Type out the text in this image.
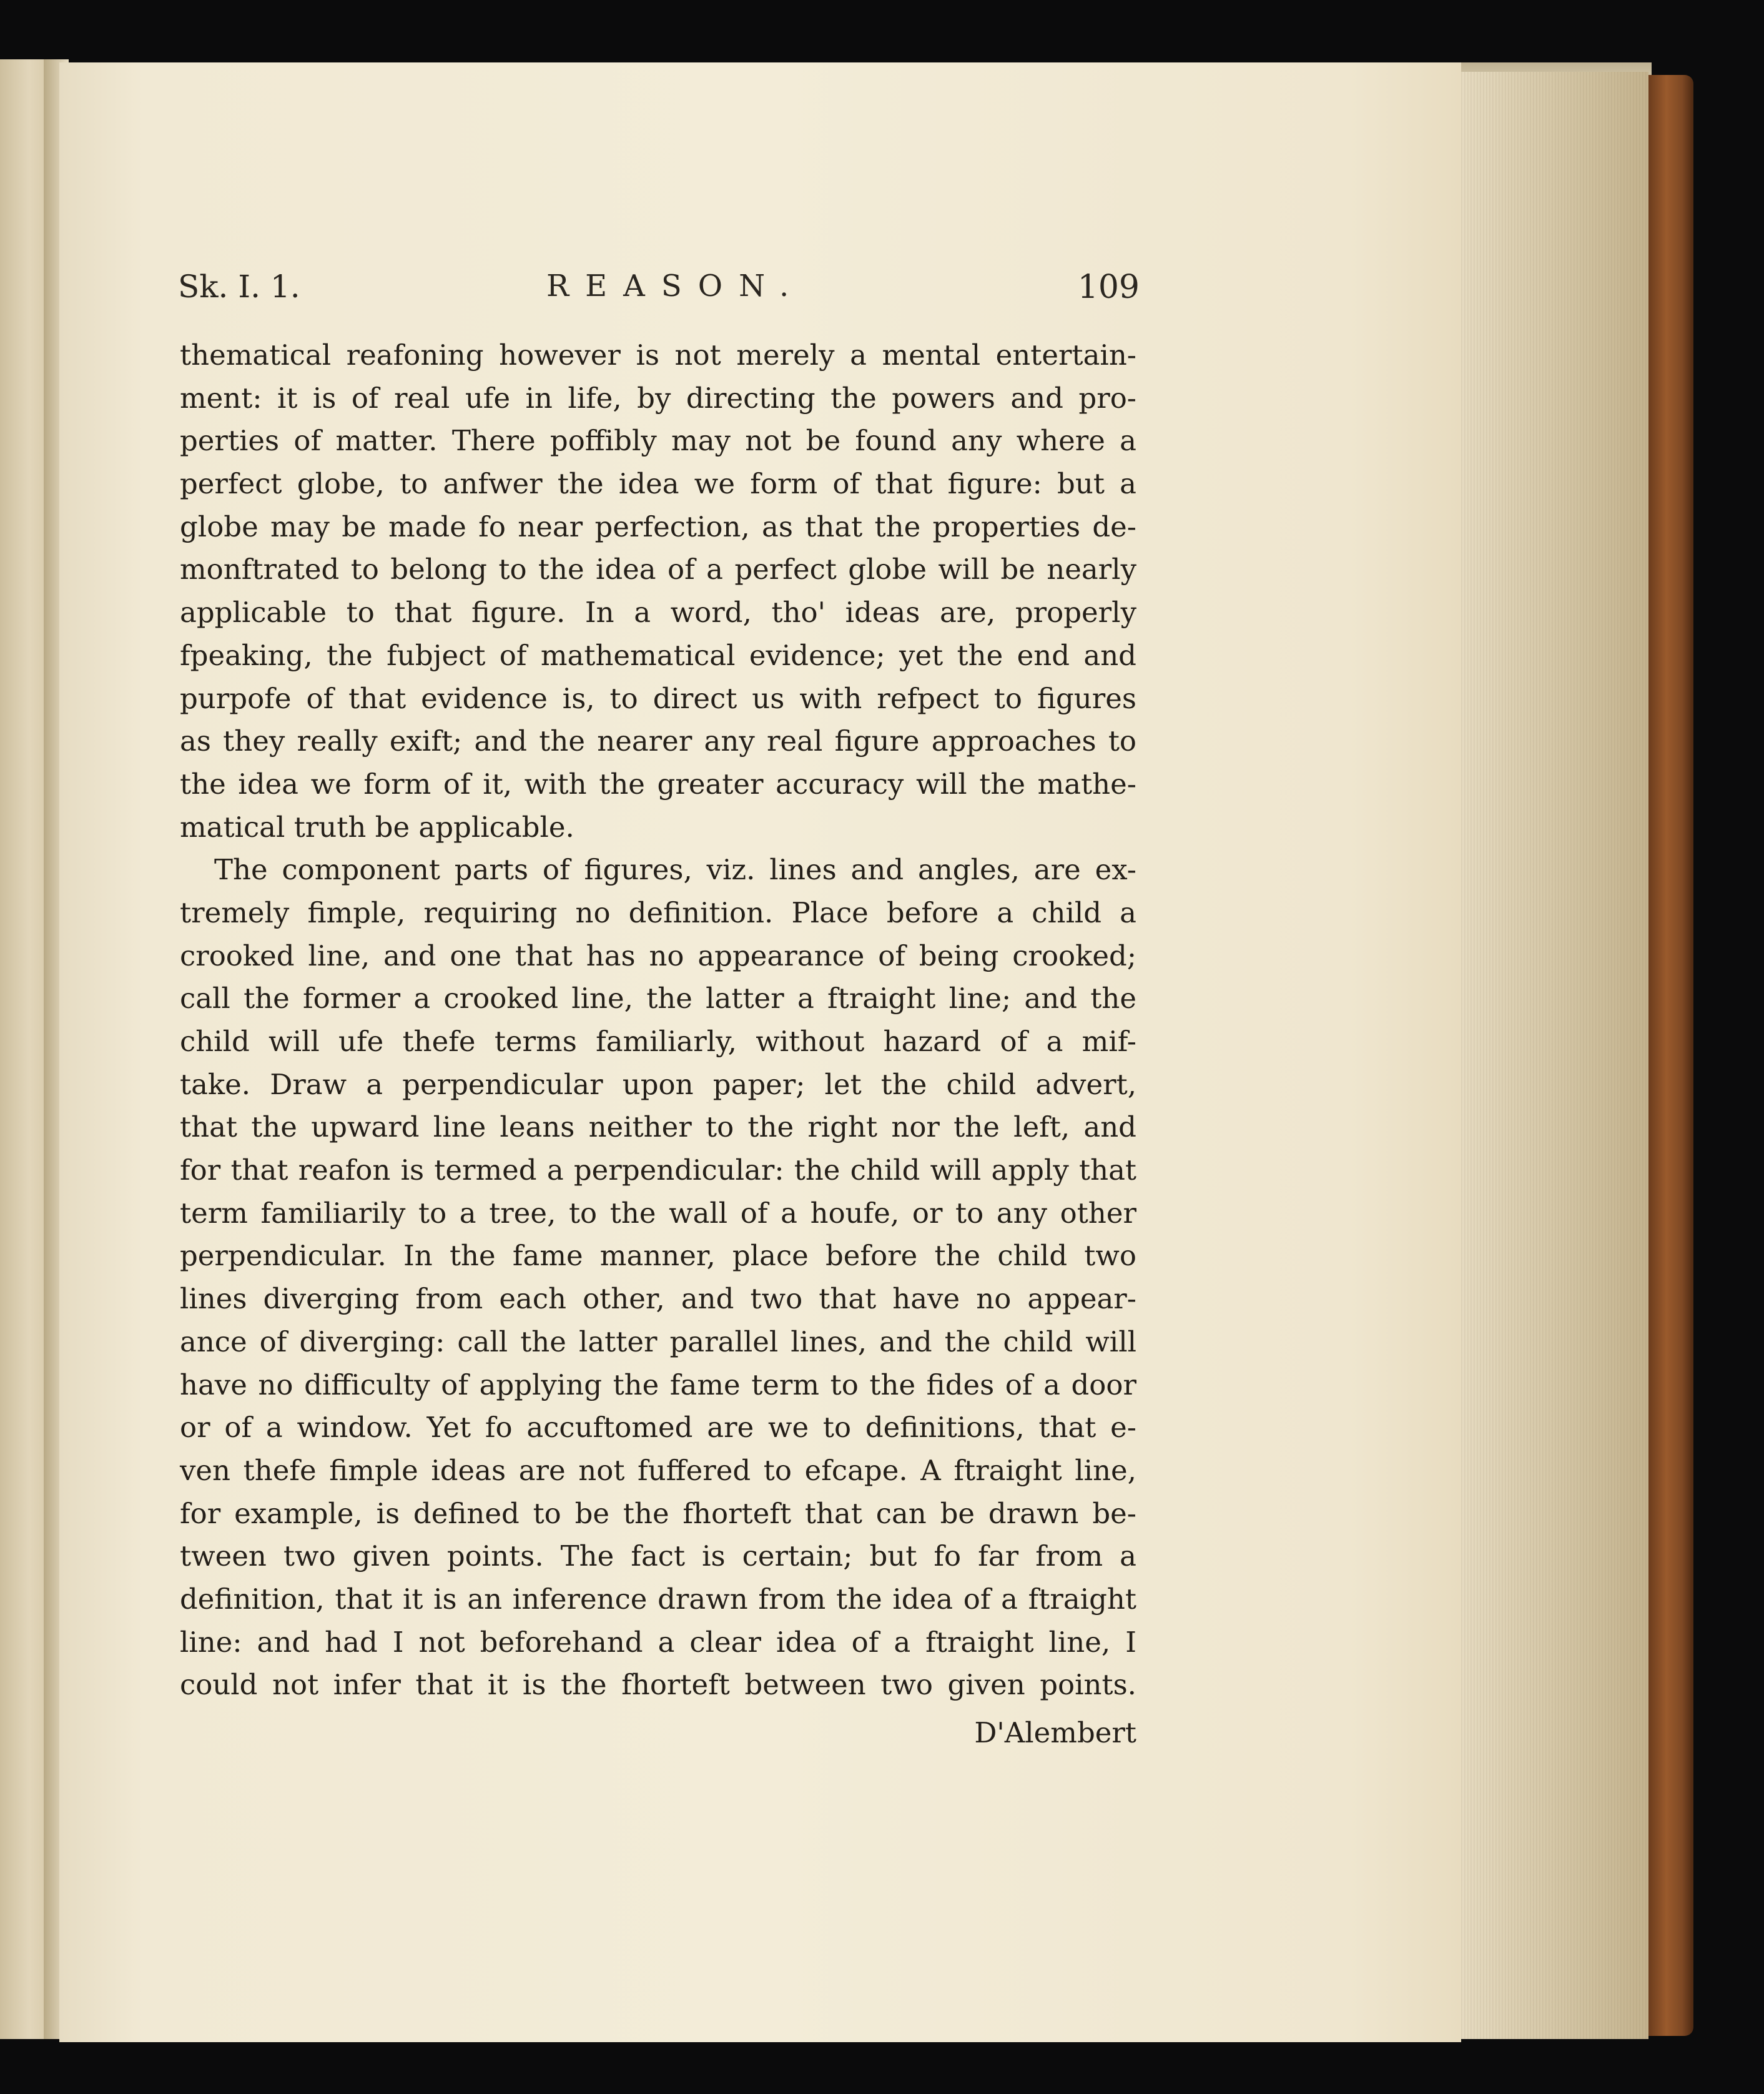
Sk. I. 1.	REASON.	109
thematical reafoning however is not merely a mental entertain-
ment: it is of real ufe in life, by directing the powers and pro-
perties of matter. There poffibly may not be found any where a
perfect globe, to anfwer the idea we form of that figure: but a
globe may be made fo near perfection, as that the properties de-
monftrated to belong to the idea of a perfect globe will be nearly
applicable to that figure. In a word, tho' ideas are, properly
fpeaking, the fubject of mathematical evidence; yet the end and
purpofe of that evidence is, to direct us with refpect to figures
as they really exift; and the nearer any real figure approaches to
the idea we form of it, with the greater accuracy will the mathe-
matical truth be applicable.
The component parts of figures, viz. lines and angles, are ex-
tremely fimple, requiring no definition. Place before a child a
crooked line, and one that has no appearance of being crooked;
call the former a crooked line, the latter a ftraight line; and the
child will ufe thefe terms familiarly, without hazard of a mif-
take. Draw a perpendicular upon paper; let the child advert,
that the upward line leans neither to the right nor the left, and
for that reafon is termed a perpendicular: the child will apply that
term familiarily to a tree, to the wall of a houfe, or to any other
perpendicular. In the fame manner, place before the child two
lines diverging from each other, and two that have no appear-
ance of diverging: call the latter parallel lines, and the child will
have no difficulty of applying the fame term to the fides of a door
or of a window. Yet fo accuftomed are we to definitions, that e-
ven thefe fimple ideas are not fuffered to efcape. A ftraight line,
for example, is defined to be the fhorteft that can be drawn be-
tween two given points. The fact is certain; but fo far from a
definition, that it is an inference drawn from the idea of a ftraight
line: and had I not beforehand a clear idea of a ftraight line, I
could not infer that it is the fhorteft between two given points.
D'Alembert
